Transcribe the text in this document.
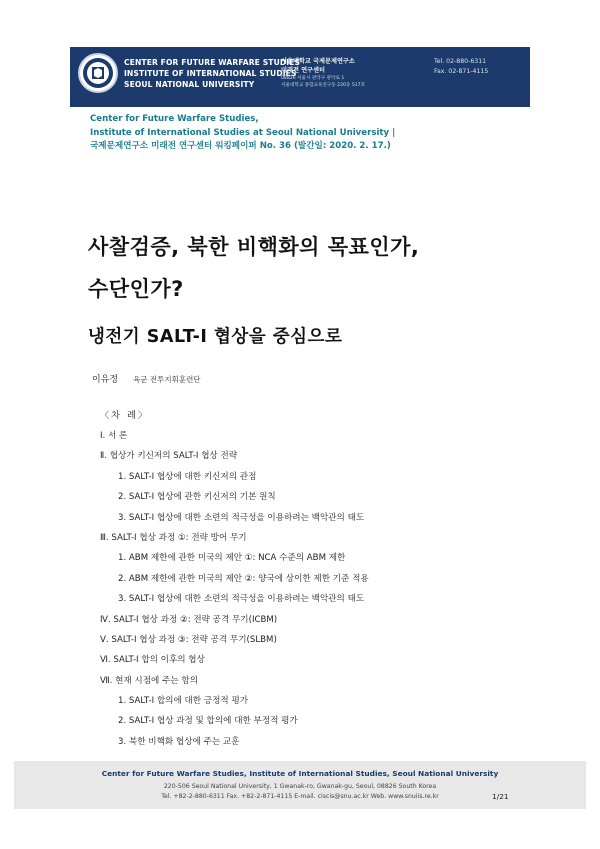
CENTER FOR FUTURE WARFARE STUDIES
INSTITUTE OF INTERNATIONAL STUDIES
SEOUL NATIONAL UNIVERSITY
서울대학교 국제문제연구소
미래전 연구센터
08826 서울시 관악구 관악로 1
서울대학교 종합교육연구동 220동 517호
Tel. 02-880-6311
Fax. 02-871-4115
Center for Future Warfare Studies,
Institute of International Studies at Seoul National University |
국제문제연구소 미래전 연구센터 워킹페이퍼 No. 36 (발간일: 2020. 2. 17.)
사찰검증, 북한 비핵화의 목표인가,
수단인가?
냉전기 SALT-I 협상을 중심으로
이유정 육군 전투지휘훈련단
〈차 례〉
Ⅰ. 서 론
Ⅱ. 협상가 키신저의 SALT-Ⅰ 협상 전략
1. SALT-Ⅰ 협상에 대한 키신저의 관점
2. SALT-Ⅰ 협상에 관한 키신저의 기본 원칙
3. SALT-Ⅰ 협상에 대한 소련의 적극성을 이용하려는 백악관의 태도
Ⅲ. SALT-Ⅰ 협상 과정 ①: 전략 방어 무기
1. ABM 제한에 관한 미국의 제안 ①: NCA 수준의 ABM 제한
2. ABM 제한에 관한 미국의 제안 ②: 양국에 상이한 제한 기준 적용
3. SALT-Ⅰ 협상에 대한 소련의 적극성을 이용하려는 백악관의 태도
Ⅳ. SALT-Ⅰ 협상 과정 ②: 전략 공격 무기(ICBM)
Ⅴ. SALT-Ⅰ 협상 과정 ③: 전략 공격 무기(SLBM)
Ⅵ. SALT-Ⅰ 합의 이후의 협상
Ⅶ. 현재 시점에 주는 함의
1. SALT-Ⅰ 합의에 대한 긍정적 평가
2. SALT-Ⅰ 협상 과정 및 합의에 대한 부정적 평가
3. 북한 비핵화 협상에 주는 교훈
Center for Future Warfare Studies, Institute of International Studies, Seoul National University
220-506 Seoul National University, 1 Gwanak-ro, Gwanak-gu, Seoul, 08826 South Korea
Tel. +82-2-880-6311 Fax. +82-2-871-4115 E-mail. ciscis@snu.ac.kr Web. www.snuiis.re.kr	1/21
